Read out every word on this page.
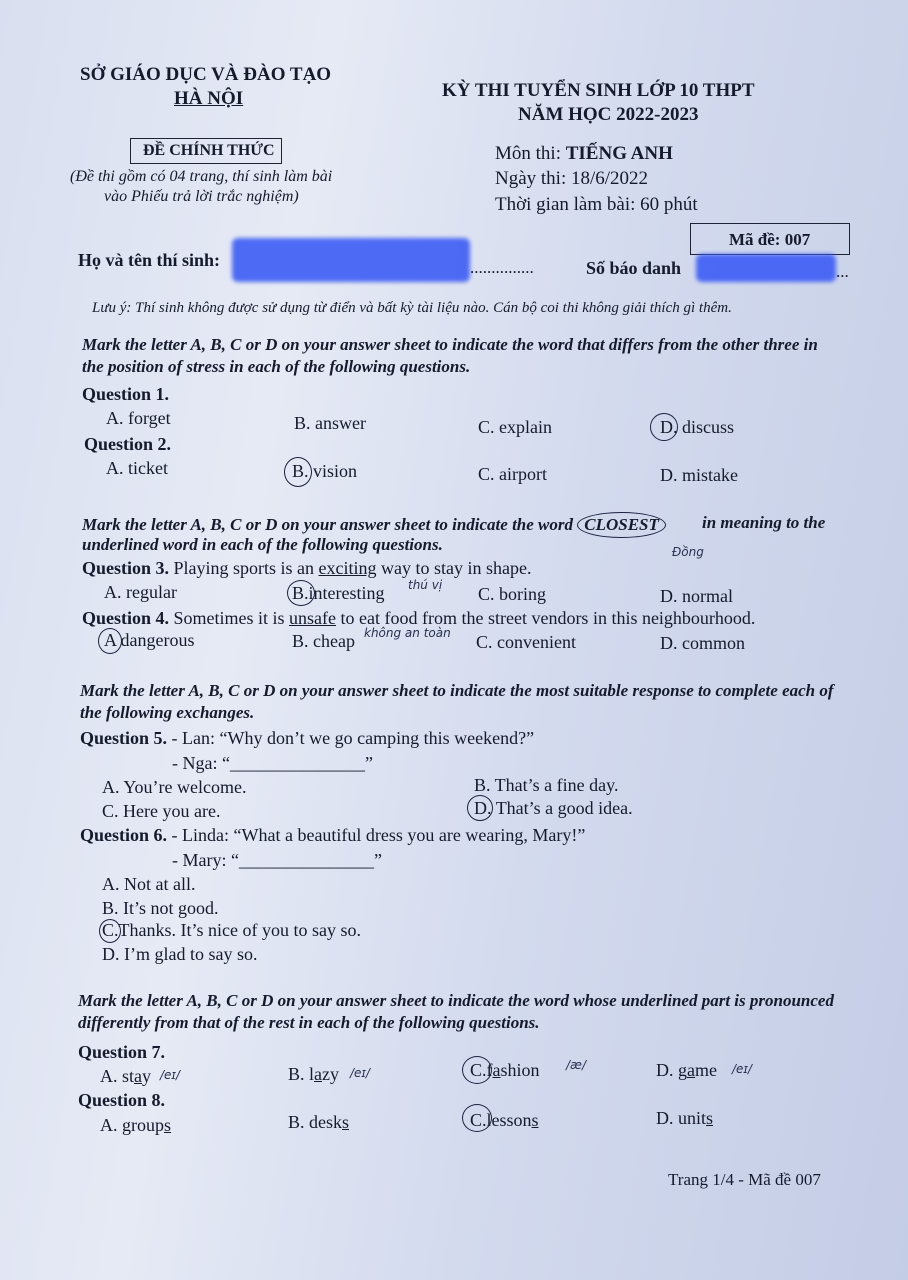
SỞ GIÁO DỤC VÀ ĐÀO TẠO
HÀ NỘI	KỲ THI TUYỂN SINH LỚP 10 THPT
NĂM HỌC 2022-2023
ĐỀ CHÍNH THỨC
(Đề thi gồm có 04 trang, thí sinh làm bài
vào Phiếu trả lời trắc nghiệm)
Môn thi: TIẾNG ANH
Ngày thi: 18/6/2022
Thời gian làm bài: 60 phút
Mã đề: 007
Họ và tên thí sinh:	...............	Số báo danh	...
Lưu ý: Thí sinh không được sử dụng từ điển và bất kỳ tài liệu nào. Cán bộ coi thi không giải thích gì thêm.
Mark the letter A, B, C or D on your answer sheet to indicate the word that differs from the other three in the position of stress in each of the following questions.
Question 1.
A. forget	B. answer	C. explain	D. discuss
Question 2.
A. ticket	B. vision	C. airport	D. mistake
Mark the letter A, B, C or D on your answer sheet to indicate the word CLOSEST	in meaning to the underlined word in each of the following questions.	Đồng
Question 3. Playing sports is an exciting way to stay in shape.
thú vị
A. regular	B.interesting	C. boring	D. normal
Question 4. Sometimes it is unsafe to eat food from the street vendors in this neighbourhood.
A dangerous	B. cheap không an toàn C. convenient	D. common
Mark the letter A, B, C or D on your answer sheet to indicate the most suitable response to complete each of the following exchanges.
Question 5. - Lan: “Why don’t we go camping this weekend?”
- Nga: “_______________”
A. You’re welcome.	B. That’s a fine day.
C. Here you are.	D. That’s a good idea.
Question 6. - Linda: “What a beautiful dress you are wearing, Mary!”
- Mary: “_______________”
A. Not at all.
B. It’s not good.
C.Thanks. It’s nice of you to say so.
D. I’m glad to say so.
Mark the letter A, B, C or D on your answer sheet to indicate the word whose underlined part is pronounced differently from that of the rest in each of the following questions.
Question 7.
A. stay /eɪ/	B. lazy /eɪ/	C.fashion /æ/	D. game /eɪ/
Question 8.
A. groups	B. desks	C.lessons	D. units
Trang 1/4 - Mã đề 007
